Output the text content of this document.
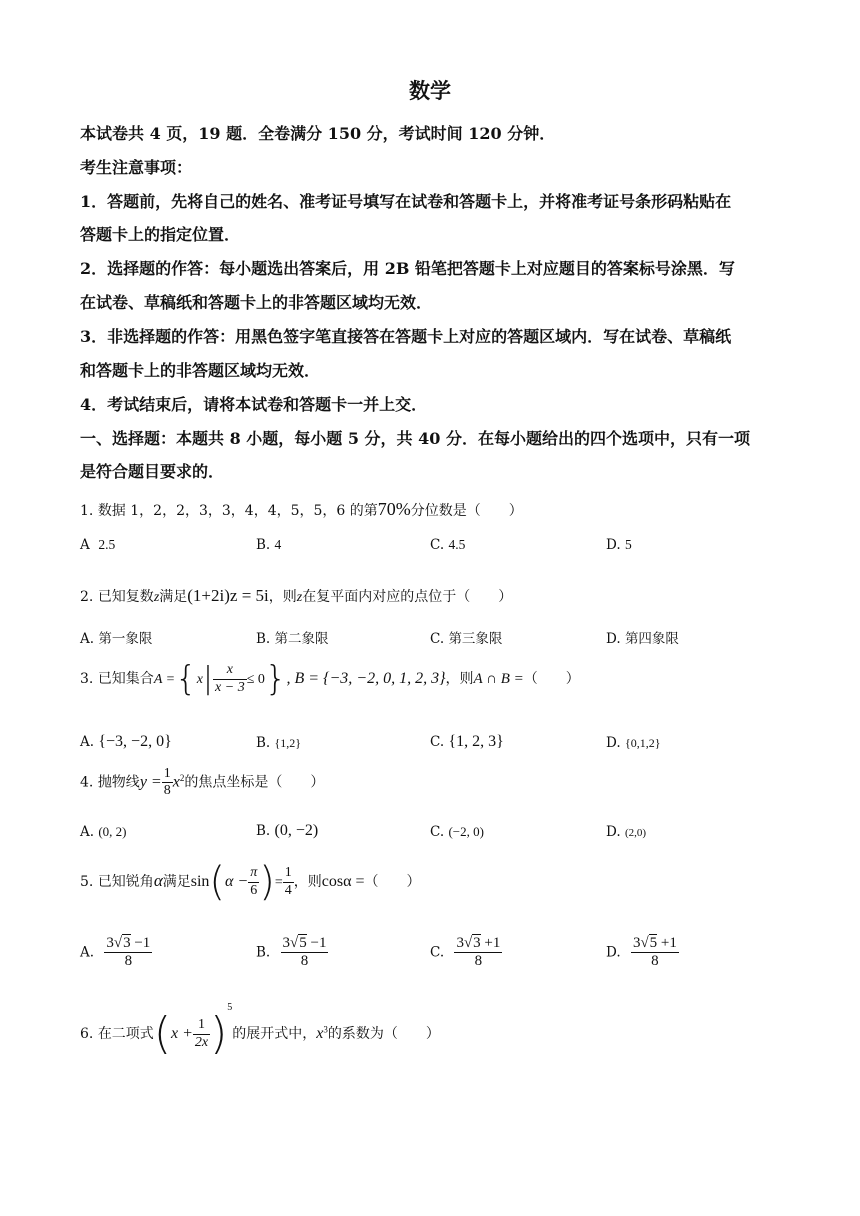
数学
本试卷共 4 页，19 题．全卷满分 150 分，考试时间 120 分钟．
考生注意事项：
1．答题前，先将自己的姓名、准考证号填写在试卷和答题卡上，并将准考证号条形码粘贴在
答题卡上的指定位置．
2．选择题的作答：每小题选出答案后，用 2B 铅笔把答题卡上对应题目的答案标号涂黑．写
在试卷、草稿纸和答题卡上的非答题区域均无效．
3．非选择题的作答：用黑色签字笔直接答在答题卡上对应的答题区域内．写在试卷、草稿纸
和答题卡上的非答题区域均无效．
4．考试结束后，请将本试卷和答题卡一并上交．
一、选择题：本题共 8 小题，每小题 5 分，共 40 分．在每小题给出的四个选项中，只有一项
是符合题目要求的．
1. 数据 1，2，2，3，3，4，4，5，5，6 的第70%分位数是（　　）
A 2.5	B. 4	C. 4.5	D. 5
2. 已知复数z满足(1+2i)z = 5i，则z在复平面内对应的点位于（　　）
A. 第一象限	B. 第二象限	C. 第三象限	D. 第四象限
3. 已知集合$A =\{x| \frac{x}{x - 3} \le 0\}$, B = {−3, −2, 0, 1, 2, 3}，则A ∩ B =（　　）
A. {−3, −2, 0}	B. {1,2}	C. {1, 2, 3}	D. {0,1,2}
4. 抛物线$y = \frac{1}{8} x^2$的焦点坐标是（　　）
A. (0, 2)	B. (0, −2)	C. (−2, 0)	D. (2,0)
5. 已知锐角α满足$\sin(\alpha - \frac{\pi}{6}$ )= $\frac{1}{4}$ ，则cosα =（　　）
A. $\frac{3√3 -1}{8}$	B. $\frac{3√5 -1}{8}$	C. $\frac{3√3 +1}{8}$	D. $\frac{3√5 +1}{8}$
6. 在二项式$(x + \frac{1}{2x} )^5$的展开式中，$x^3$的系数为（　　）
